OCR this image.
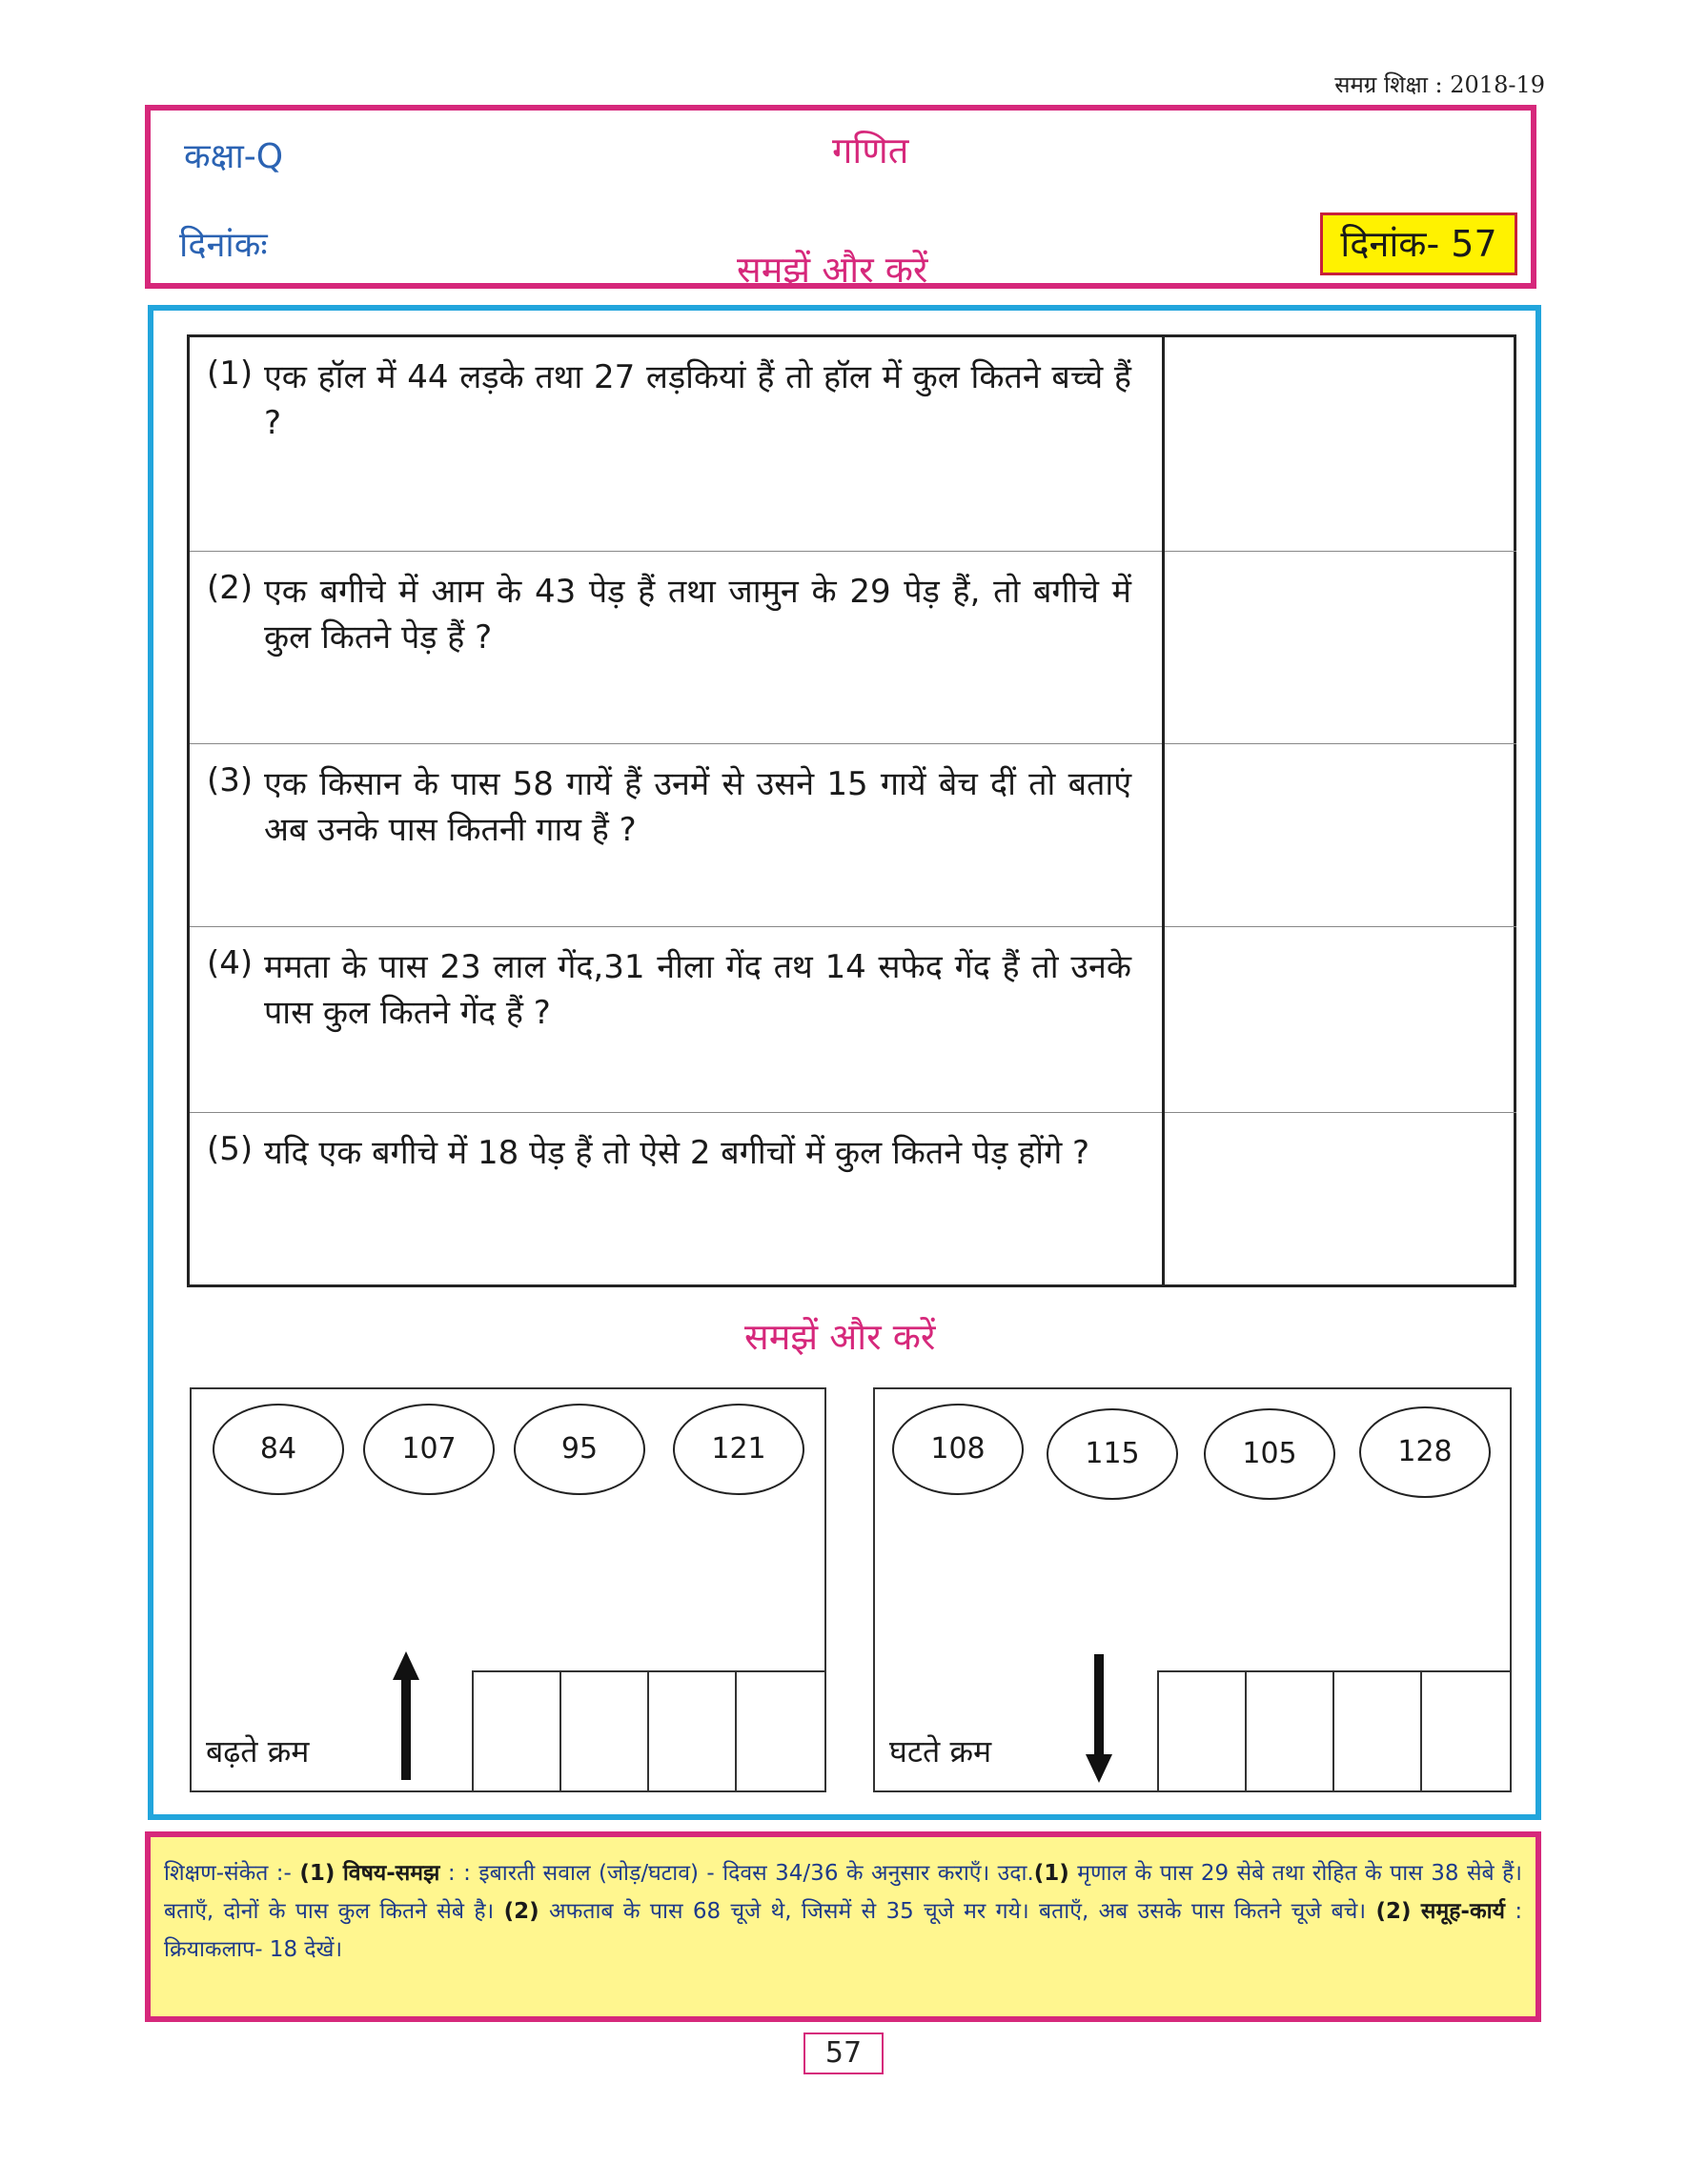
समग्र शिक्षा : 2018-19
कक्षा-Q	गणित
दिनांकः
समझें और करें
दिनांक- 57
(1) एक हॉल में 44 लड़के तथा 27 लड़कियां हैं तो हॉल में कुल कितने बच्चे हैं ?
(2) एक बगीचे में आम के 43 पेड़ हैं तथा जामुन के 29 पेड़ हैं, तो बगीचे में कुल कितने पेड़ हैं ?
(3) एक किसान के पास 58 गायें हैं उनमें से उसने 15 गायें बेच दीं तो बताएं अब उनके पास कितनी गाय हैं ?
(4) ममता के पास 23 लाल गेंद,31 नीला गेंद तथ 14 सफेद गेंद हैं तो उनके पास कुल कितने गेंद हैं ?
(5) यदि एक बगीचे में 18 पेड़ हैं तो ऐसे 2 बगीचों में कुल कितने पेड़ होंगे ?
समझें और करें
84	107	95	121
बढ़ते क्रम
108	115	105	128
घटते क्रम
शिक्षण-संकेत :- (1) विषय-समझ : : इबारती सवाल (जोड़/घटाव) - दिवस 34/36 के अनुसार कराएँ। उदा.(1) मृणाल के पास 29 सेबे तथा रोहित के पास 38 सेबे हैं। बताएँ, दोनों के पास कुल कितने सेबे है। (2) अफताब के पास 68 चूजे थे, जिसमें से 35 चूजे मर गये। बताएँ, अब उसके पास कितने चूजे बचे। (2) समूह-कार्य : क्रियाकलाप- 18 देखें।
57
